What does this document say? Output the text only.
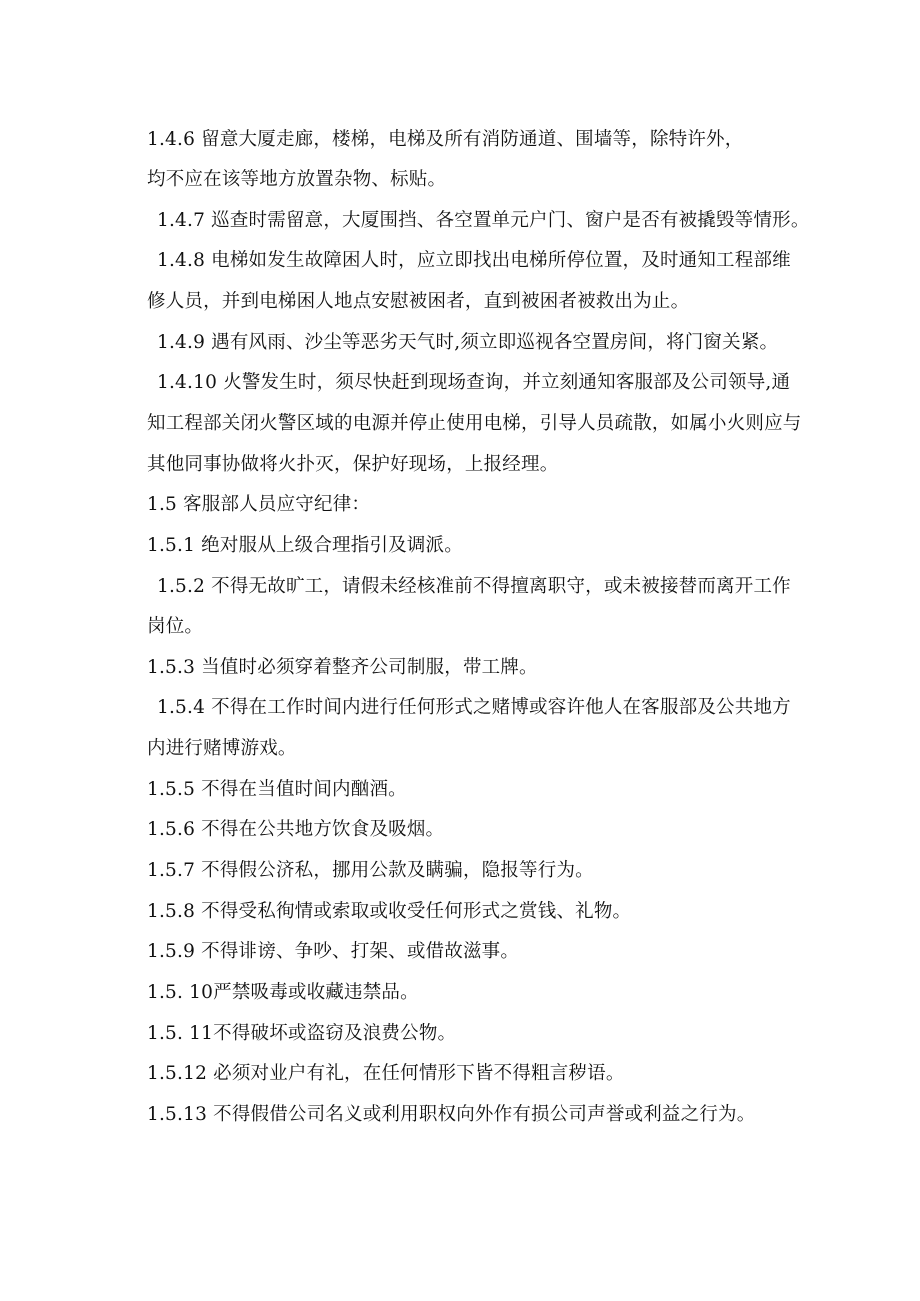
1.4.6 留意大厦走廊，楼梯，电梯及所有消防通道、围墙等，除特许外，
均不应在该等地方放置杂物、标贴。
1.4.7 巡查时需留意，大厦围挡、各空置单元户门、窗户是否有被撬毁等情形。
1.4.8 电梯如发生故障困人时，应立即找出电梯所停位置，及时通知工程部维
修人员，并到电梯困人地点安慰被困者，直到被困者被救出为止。
1.4.9 遇有风雨、沙尘等恶劣天气时,须立即巡视各空置房间，将门窗关紧。
1.4.10 火警发生时，须尽快赶到现场查询，并立刻通知客服部及公司领导,通
知工程部关闭火警区域的电源并停止使用电梯，引导人员疏散，如属小火则应与
其他同事协做将火扑灭，保护好现场，上报经理。
1.5 客服部人员应守纪律：
1.5.1 绝对服从上级合理指引及调派。
1.5.2 不得无故旷工，请假未经核准前不得擅离职守，或未被接替而离开工作
岗位。
1.5.3 当值时必须穿着整齐公司制服，带工牌。
1.5.4 不得在工作时间内进行任何形式之赌博或容许他人在客服部及公共地方
内进行赌博游戏。
1.5.5 不得在当值时间内酗酒。
1.5.6 不得在公共地方饮食及吸烟。
1.5.7 不得假公济私，挪用公款及瞒骗，隐报等行为。
1.5.8 不得受私徇情或索取或收受任何形式之赏钱、礼物。
1.5.9 不得诽谤、争吵、打架、或借故滋事。
1.5. 10严禁吸毒或收藏违禁品。
1.5. 11不得破坏或盗窃及浪费公物。
1.5.12 必须对业户有礼，在任何情形下皆不得粗言秽语。
1.5.13 不得假借公司名义或利用职权向外作有损公司声誉或利益之行为。
